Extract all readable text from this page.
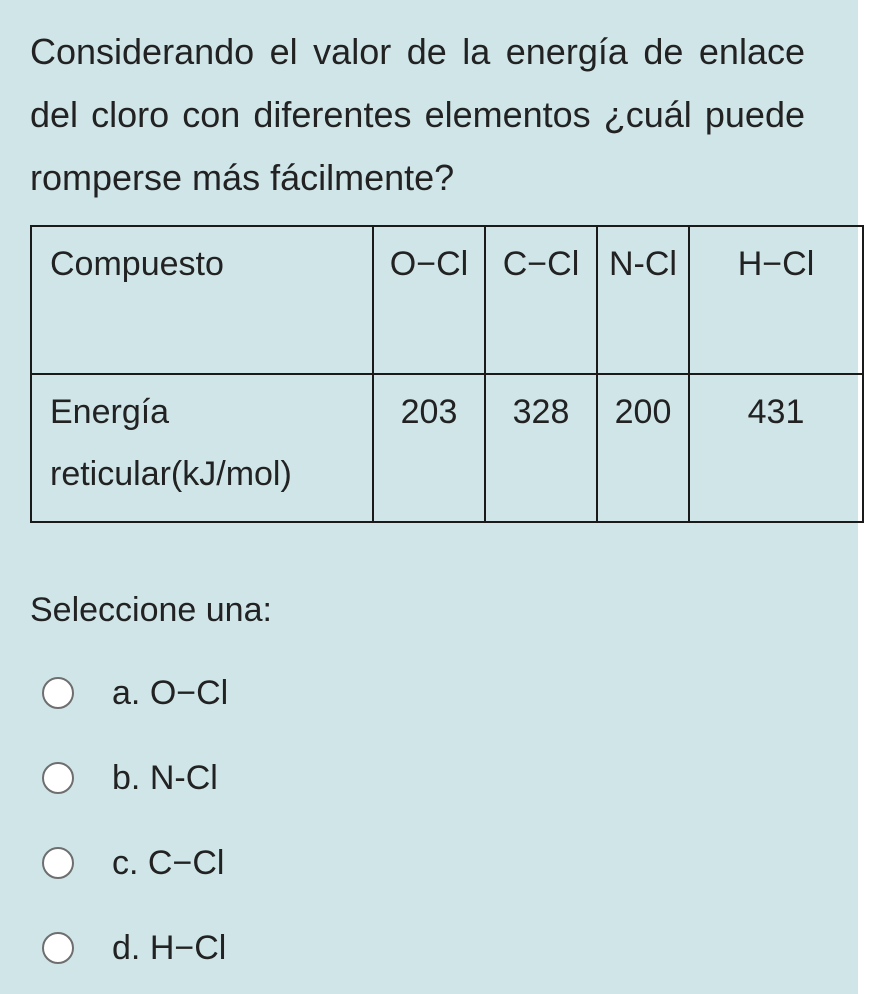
Considerando el valor de la energía de enlace del cloro con diferentes elementos ¿cuál puede romperse más fácilmente?

Compuesto	O−Cl	C−Cl	N-Cl	H−Cl
Energía reticular(kJ/mol)	203	328	200	431
Seleccione una:
a. O−Cl
b. N-Cl
c. C−Cl
d. H−Cl
